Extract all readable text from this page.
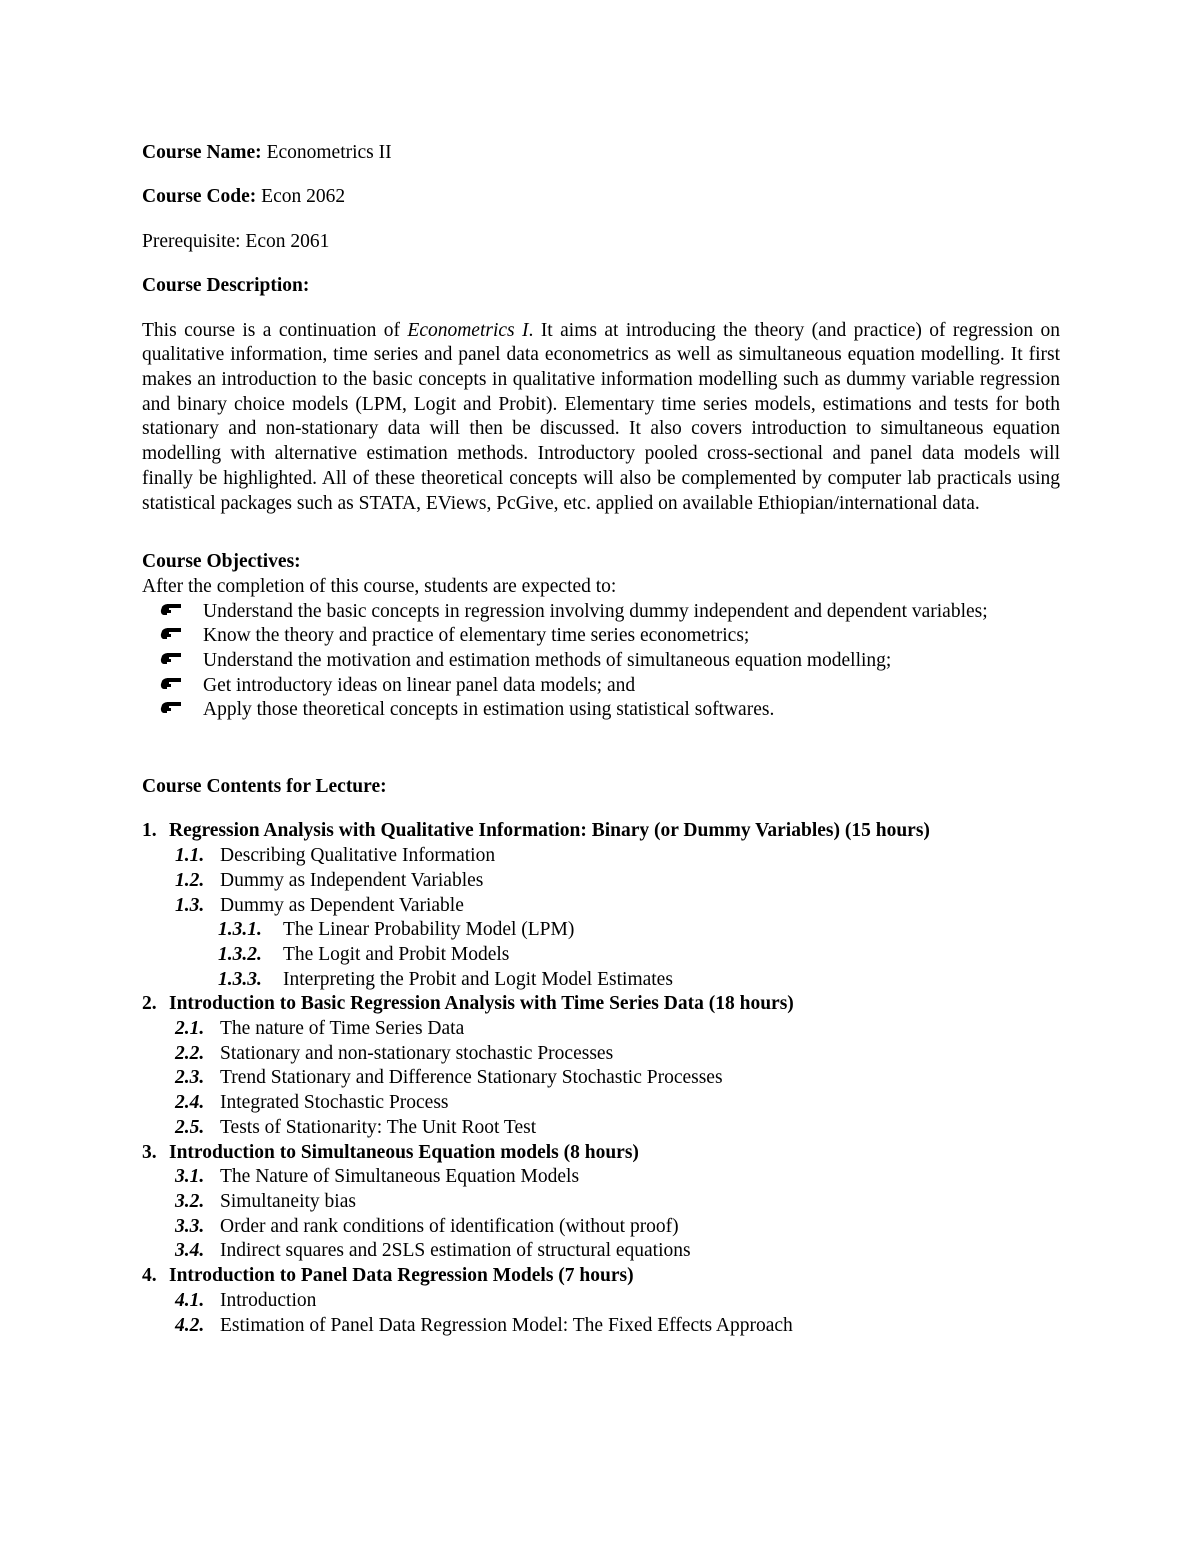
Course Name: Econometrics II

Course Code: Econ 2062

Prerequisite: Econ 2061

Course Description:

This course is a continuation of Econometrics I. It aims at introducing the theory (and practice) of regression on qualitative information, time series and panel data econometrics as well as simultaneous equation modelling. It first makes an introduction to the basic concepts in qualitative information modelling such as dummy variable regression and binary choice models (LPM, Logit and Probit). Elementary time series models, estimations and tests for both stationary and non-stationary data will then be discussed. It also covers introduction to simultaneous equation modelling with alternative estimation methods. Introductory pooled cross-sectional and panel data models will finally be highlighted. All of these theoretical concepts will also be complemented by computer lab practicals using statistical packages such as STATA, EViews, PcGive, etc. applied on available Ethiopian/international data.

Course Objectives:

After the completion of this course, students are expected to:

Understand the basic concepts in regression involving dummy independent and dependent variables;
Know the theory and practice of elementary time series econometrics;
Understand the motivation and estimation methods of simultaneous equation modelling;
Get introductory ideas on linear panel data models; and
Apply those theoretical concepts in estimation using statistical softwares.

Course Contents for Lecture:

1. Regression Analysis with Qualitative Information: Binary (or Dummy Variables) (15 hours)
1.1. Describing Qualitative Information
1.2. Dummy as Independent Variables
1.3. Dummy as Dependent Variable
1.3.1. The Linear Probability Model (LPM)
1.3.2. The Logit and Probit Models
1.3.3. Interpreting the Probit and Logit Model Estimates
2. Introduction to Basic Regression Analysis with Time Series Data (18 hours)
2.1. The nature of Time Series Data
2.2. Stationary and non-stationary stochastic Processes
2.3. Trend Stationary and Difference Stationary Stochastic Processes
2.4. Integrated Stochastic Process
2.5. Tests of Stationarity: The Unit Root Test
3. Introduction to Simultaneous Equation models (8 hours)
3.1. The Nature of Simultaneous Equation Models
3.2. Simultaneity bias
3.3. Order and rank conditions of identification (without proof)
3.4. Indirect squares and 2SLS estimation of structural equations
4. Introduction to Panel Data Regression Models (7 hours)
4.1. Introduction
4.2. Estimation of Panel Data Regression Model: The Fixed Effects Approach
